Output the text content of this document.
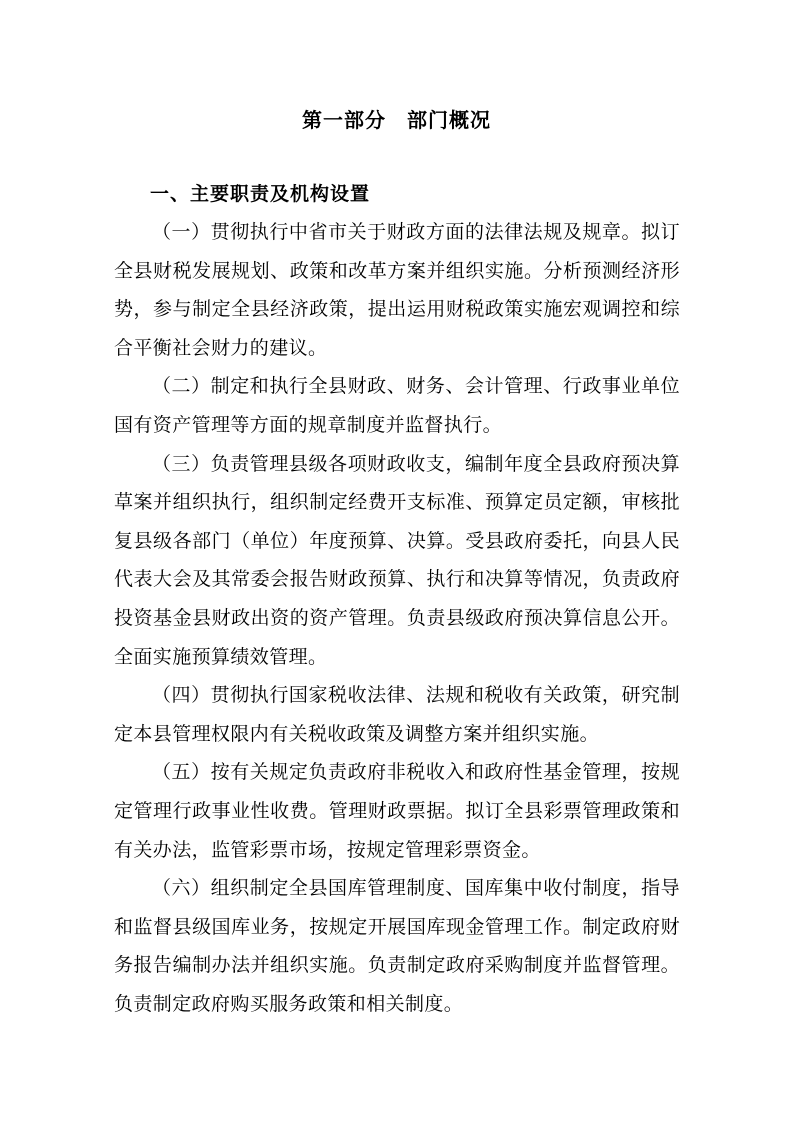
第一部分　部门概况
一、主要职责及机构设置

（一）贯彻执行中省市关于财政方面的法律法规及规章。拟订全县财税发展规划、政策和改革方案并组织实施。分析预测经济形势，参与制定全县经济政策，提出运用财税政策实施宏观调控和综合平衡社会财力的建议。

（二）制定和执行全县财政、财务、会计管理、行政事业单位国有资产管理等方面的规章制度并监督执行。

（三）负责管理县级各项财政收支，编制年度全县政府预决算草案并组织执行，组织制定经费开支标准、预算定员定额，审核批复县级各部门（单位）年度预算、决算。受县政府委托，向县人民代表大会及其常委会报告财政预算、执行和决算等情况，负责政府投资基金县财政出资的资产管理。负责县级政府预决算信息公开。全面实施预算绩效管理。

（四）贯彻执行国家税收法律、法规和税收有关政策，研究制定本县管理权限内有关税收政策及调整方案并组织实施。

（五）按有关规定负责政府非税收入和政府性基金管理，按规定管理行政事业性收费。管理财政票据。拟订全县彩票管理政策和有关办法，监管彩票市场，按规定管理彩票资金。

（六）组织制定全县国库管理制度、国库集中收付制度，指导和监督县级国库业务，按规定开展国库现金管理工作。制定政府财务报告编制办法并组织实施。负责制定政府采购制度并监督管理。负责制定政府购买服务政策和相关制度。
